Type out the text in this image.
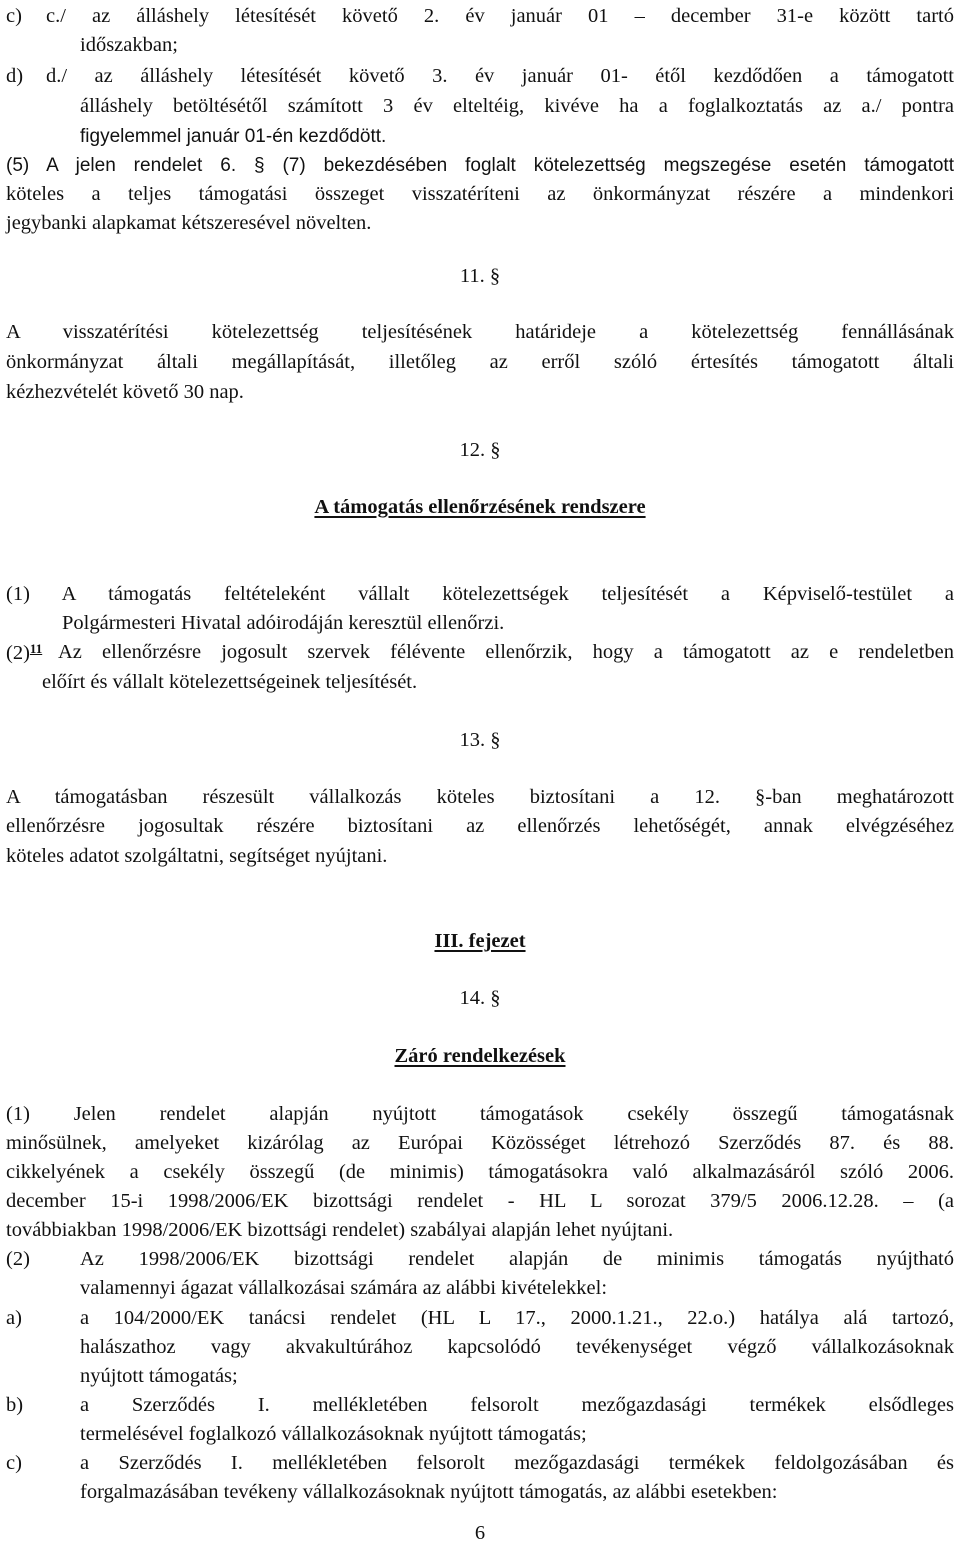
c) c./ az álláshely létesítését követő 2. év január 01 – december 31-e között tartó
időszakban;
d) d./ az álláshely létesítését követő 3. év január 01- étől kezdődően a támogatott
álláshely betöltésétől számított 3 év elteltéig, kivéve ha a foglalkoztatás az a./ pontra
figyelemmel január 01-én kezdődött.
(5) A jelen rendelet 6. § (7) bekezdésében foglalt kötelezettség megszegése esetén támogatott
köteles a teljes támogatási összeget visszatéríteni az önkormányzat részére a mindenkori
jegybanki alapkamat kétszeresével növelten.
11. §
A visszatérítési kötelezettség teljesítésének határideje a kötelezettség fennállásának
önkormányzat általi megállapítását, illetőleg az erről szóló értesítés támogatott általi
kézhezvételét követő 30 nap.
12. §
A támogatás ellenőrzésének rendszere
(1) A támogatás feltételeként vállalt kötelezettségek teljesítését a Képviselő-testület a
Polgármesteri Hivatal adóirodáján keresztül ellenőrzi.
$(2)^{11}$ Az ellenőrzésre jogosult szervek félévente ellenőrzik, hogy a támogatott az e rendeletben
előírt és vállalt kötelezettségeinek teljesítését.
13. §
A támogatásban részesült vállalkozás köteles biztosítani a 12. §-ban meghatározott
ellenőrzésre jogosultak részére biztosítani az ellenőrzés lehetőségét, annak elvégzéséhez
köteles adatot szolgáltatni, segítséget nyújtani.
III. fejezet
14. §
Záró rendelkezések
(1) Jelen rendelet alapján nyújtott támogatások csekély összegű támogatásnak
minősülnek, amelyeket kizárólag az Európai Közösséget létrehozó Szerződés 87. és 88.
cikkelyének a csekély összegű (de minimis) támogatásokra való alkalmazásáról szóló 2006.
december 15-i 1998/2006/EK bizottsági rendelet - HL L sorozat 379/5 2006.12.28. – (a
továbbiakban 1998/2006/EK bizottsági rendelet) szabályai alapján lehet nyújtani.
(2) Az 1998/2006/EK bizottsági rendelet alapján de minimis támogatás nyújtható
valamennyi ágazat vállalkozásai számára az alábbi kivételekkel:
a)	a 104/2000/EK tanácsi rendelet (HL L 17., 2000.1.21., 22.o.) hatálya alá tartozó,
halászathoz vagy akvakultúrához kapcsolódó tevékenységet végző vállalkozásoknak
nyújtott támogatás;
b)	a Szerződés I. mellékletében felsorolt mezőgazdasági termékek elsődleges
termelésével foglalkozó vállalkozásoknak nyújtott támogatás;
c)	a Szerződés I. mellékletében felsorolt mezőgazdasági termékek feldolgozásában és
forgalmazásában tevékeny vállalkozásoknak nyújtott támogatás, az alábbi esetekben:
6
